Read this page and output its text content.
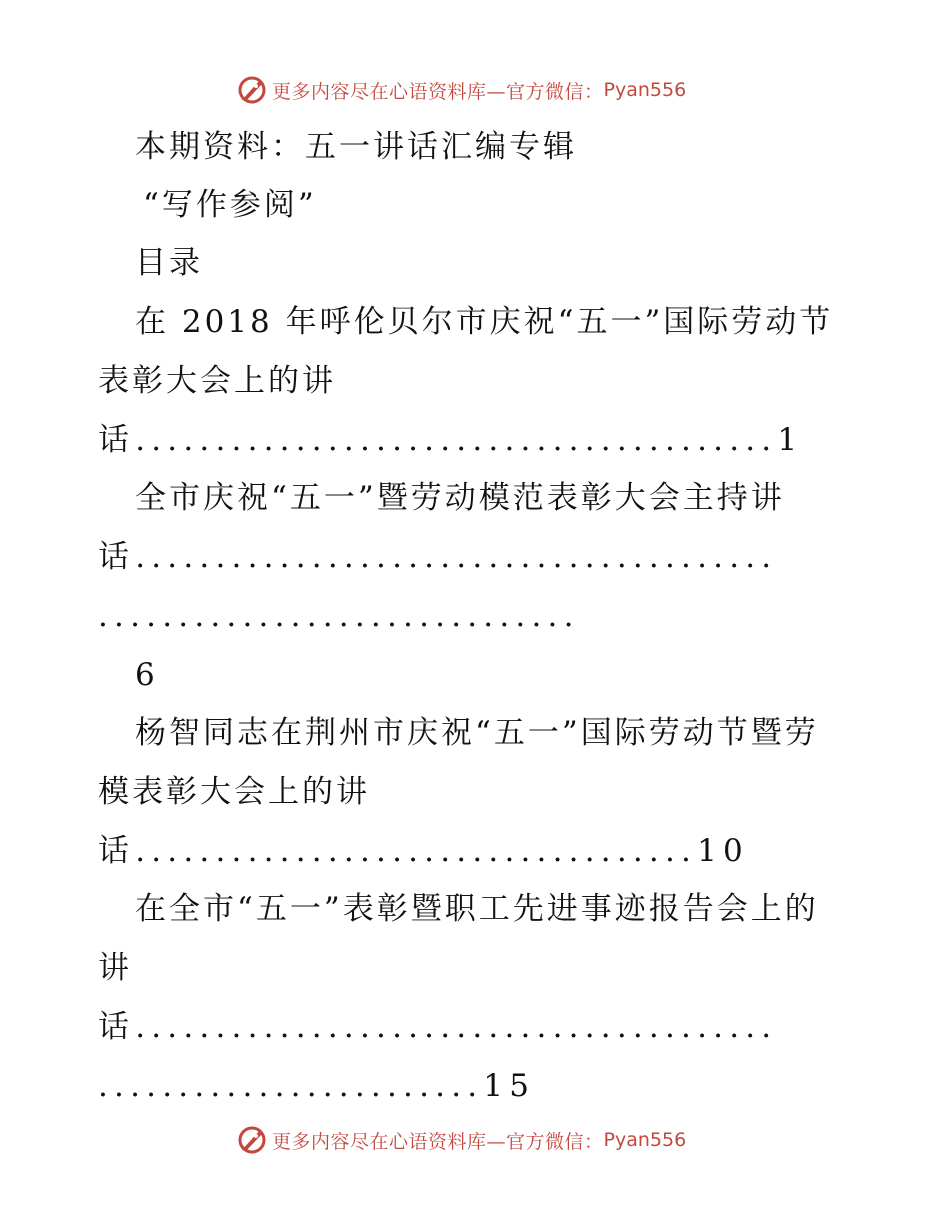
更多内容尽在心语资料库—官方微信： Pyan556
本期资料：五一讲话汇编专辑
“写作参阅”
目录
在 2018 年呼伦贝尔市庆祝“五一”国际劳动节
表彰大会上的讲
话........................................1
全市庆祝“五一”暨劳动模范表彰大会主持讲
话........................................
..............................
6
杨智同志在荆州市庆祝“五一”国际劳动节暨劳
模表彰大会上的讲
话...................................10
在全市“五一”表彰暨职工先进事迹报告会上的
讲
话........................................
........................15
更多内容尽在心语资料库—官方微信： Pyan556
